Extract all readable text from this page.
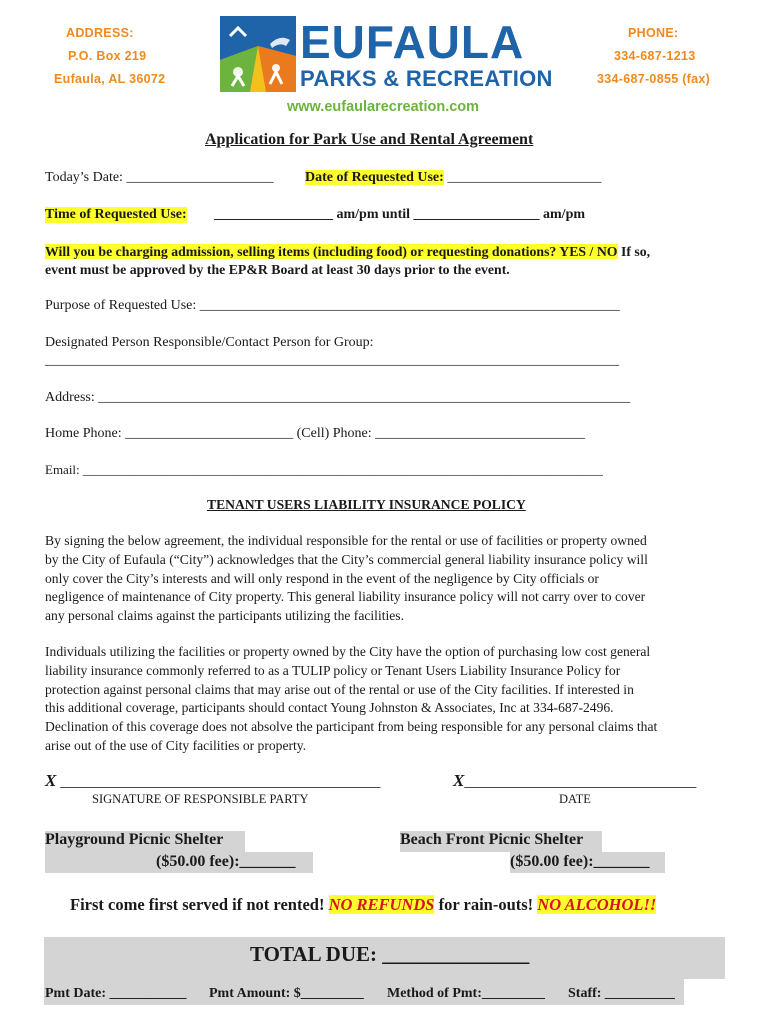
ADDRESS:
P.O. Box 219
Eufaula, AL 36072
PHONE:
334-687-1213
334-687-0855 (fax)
EUFAULA
PARKS & RECREATION
www.eufaularecreation.com
Application for Park Use and Rental Agreement
Today’s Date: _____________________ Date of Requested Use: ______________________
Time of Requested Use: _________________ am/pm until __________________ am/pm
Will you be charging admission, selling items (including food) or requesting donations? YES / NO If so,
event must be approved by the EP&R Board at least 30 days prior to the event.
Purpose of Requested Use: ____________________________________________________________
Designated Person Responsible/Contact Person for Group:
__________________________________________________________________________________
Address: ____________________________________________________________________________
Home Phone: ________________________ (Cell) Phone: ______________________________
Email: ________________________________________________________________________________
TENANT USERS LIABILITY INSURANCE POLICY
By signing the below agreement, the individual responsible for the rental or use of facilities or property owned
by the City of Eufaula (“City”) acknowledges that the City’s commercial general liability insurance policy will
only cover the City’s interests and will only respond in the event of the negligence by City officials or
negligence of maintenance of City property. This general liability insurance policy will not carry over to cover
any personal claims against the participants utilizing the facilities.
Individuals utilizing the facilities or property owned by the City have the option of purchasing low cost general
liability insurance commonly referred to as a TULIP policy or Tenant Users Liability Insurance Policy for
protection against personal claims that may arise out of the rental or use of the City facilities. If interested in
this additional coverage, participants should contact Young Johnston & Associates, Inc at 334-687-2496.
Declination of this coverage does not absolve the participant from being responsible for any personal claims that
arise out of the use of City facilities or property.
X ________________________________________	X_____________________________
SIGNATURE OF RESPONSIBLE PARTY	DATE
Playground Picnic Shelter
($50.00 fee):_______
Beach Front Picnic Shelter
($50.00 fee):_______
First come first served if not rented! NO REFUNDS for rain-outs! NO ALCOHOL!!
TOTAL DUE: ______________
Pmt Date: ___________ Pmt Amount: $_________ Method of Pmt:_________ Staff: __________
